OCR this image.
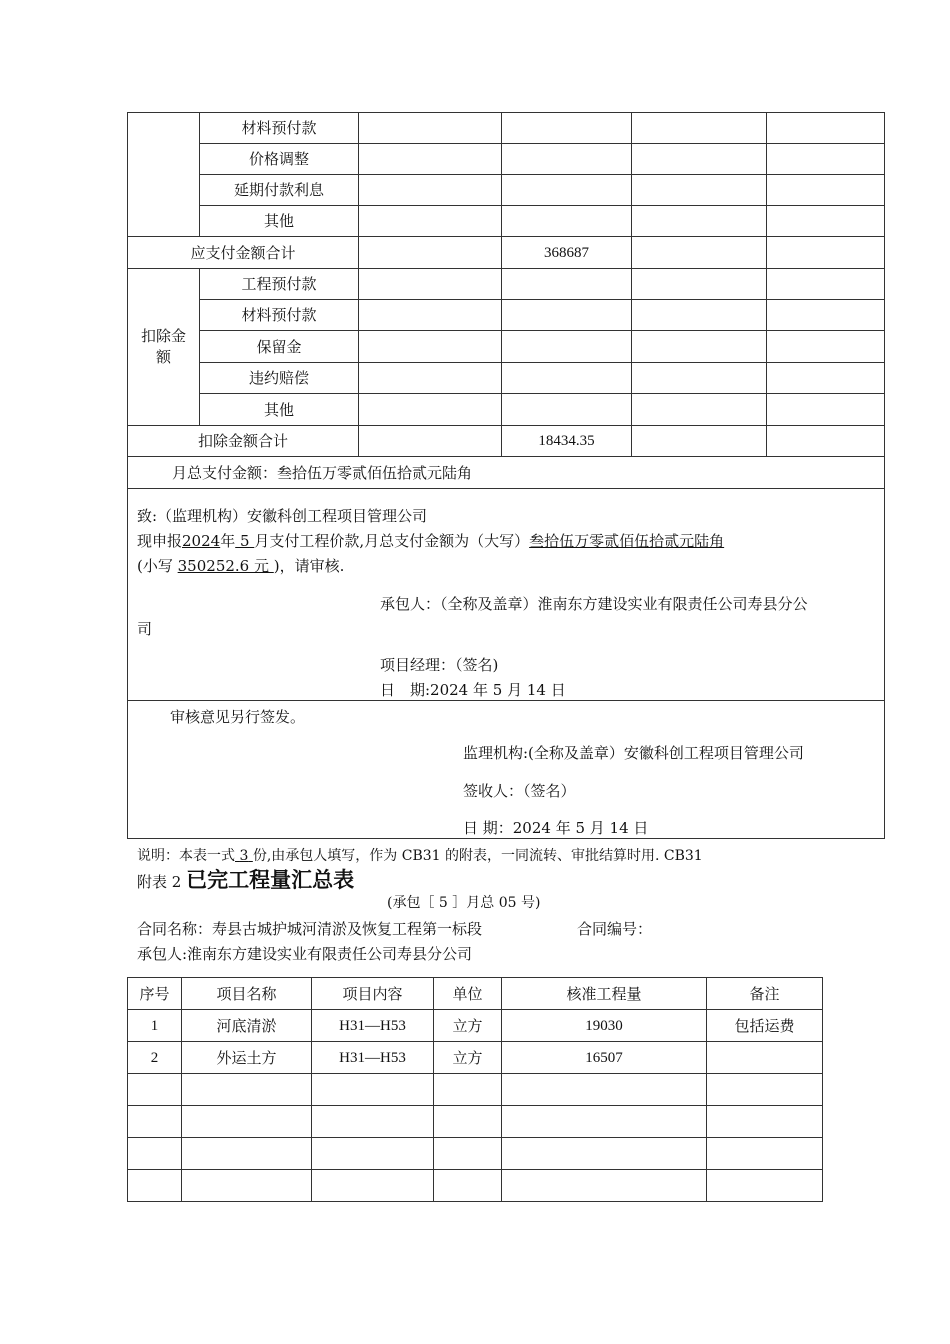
	材料预付款				
	价格调整				
	延期付款利息				
	其他				
应支付金额合计			368687		

扣除金额	工程预付款				
	材料预付款				
	保留金				
	违约赔偿				
	其他				
扣除金额合计			18434.35		
月总支付金额：叁拾伍万零贰佰伍拾贰元陆角					
致:（监理机构）安徽科创工程项目管理公司
现申报2024年 5 月支付工程价款,月总支付金额为（大写）叁拾伍万零贰佰伍拾贰元陆角
(小写 350252.6 元 )，请审核.
承包人：（全称及盖章）淮南东方建设实业有限责任公司寿县分公
司
项目经理：（签名)
日　期:2024 年 5 月 14 日
审核意见另行签发。
监理机构:(全称及盖章）安徽科创工程项目管理公司
签收人：（签名）
日 期：2024 年 5 月 14 日
说明：本表一式 3 份,由承包人填写，作为 CB31 的附表，一同流转、审批结算时用. CB31
附表 2 已完工程量汇总表
(承包［ 5 ］月总 05 号)
合同名称：寿县古城护城河清淤及恢复工程第一标段	合同编号：
承包人:淮南东方建设实业有限责任公司寿县分公司
序号	项目名称	项目内容	单位	核准工程量	备注
1	河底清淤	H31—H53	立方	19030	包括运费
2	外运土方	H31—H53	立方	16507	
